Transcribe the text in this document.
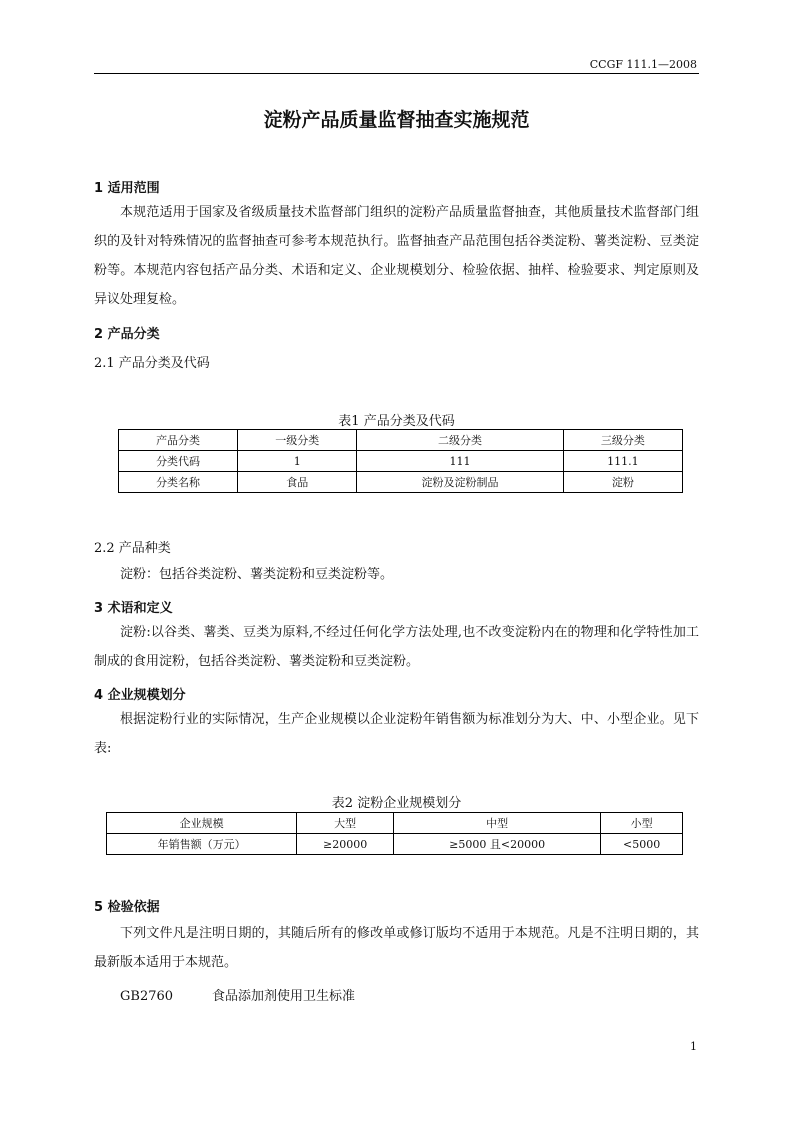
CCGF 111.1—2008
淀粉产品质量监督抽查实施规范
1 适用范围

本规范适用于国家及省级质量技术监督部门组织的淀粉产品质量监督抽查，其他质量技术监督部门组织的及针对特殊情况的监督抽查可参考本规范执行。监督抽查产品范围包括谷类淀粉、薯类淀粉、豆类淀粉等。本规范内容包括产品分类、术语和定义、企业规模划分、检验依据、抽样、检验要求、判定原则及异议处理复检。

2 产品分类
2.1 产品分类及代码
表1 产品分类及代码
产品分类	一级分类	二级分类	三级分类
分类代码	1	111	111.1
分类名称	食品	淀粉及淀粉制品	淀粉
2.2 产品种类

淀粉：包括谷类淀粉、薯类淀粉和豆类淀粉等。

3 术语和定义

淀粉:以谷类、薯类、豆类为原料,不经过任何化学方法处理,也不改变淀粉内在的物理和化学特性加工制成的食用淀粉，包括谷类淀粉、薯类淀粉和豆类淀粉。

4 企业规模划分

根据淀粉行业的实际情况，生产企业规模以企业淀粉年销售额为标准划分为大、中、小型企业。见下表:

表2 淀粉企业规模划分
企业规模	大型	中型	小型
年销售额（万元）	≥20000	≥5000 且<20000	<5000
5 检验依据

下列文件凡是注明日期的，其随后所有的修改单或修订版均不适用于本规范。凡是不注明日期的，其最新版本适用于本规范。

GB2760	食品添加剂使用卫生标准
1
